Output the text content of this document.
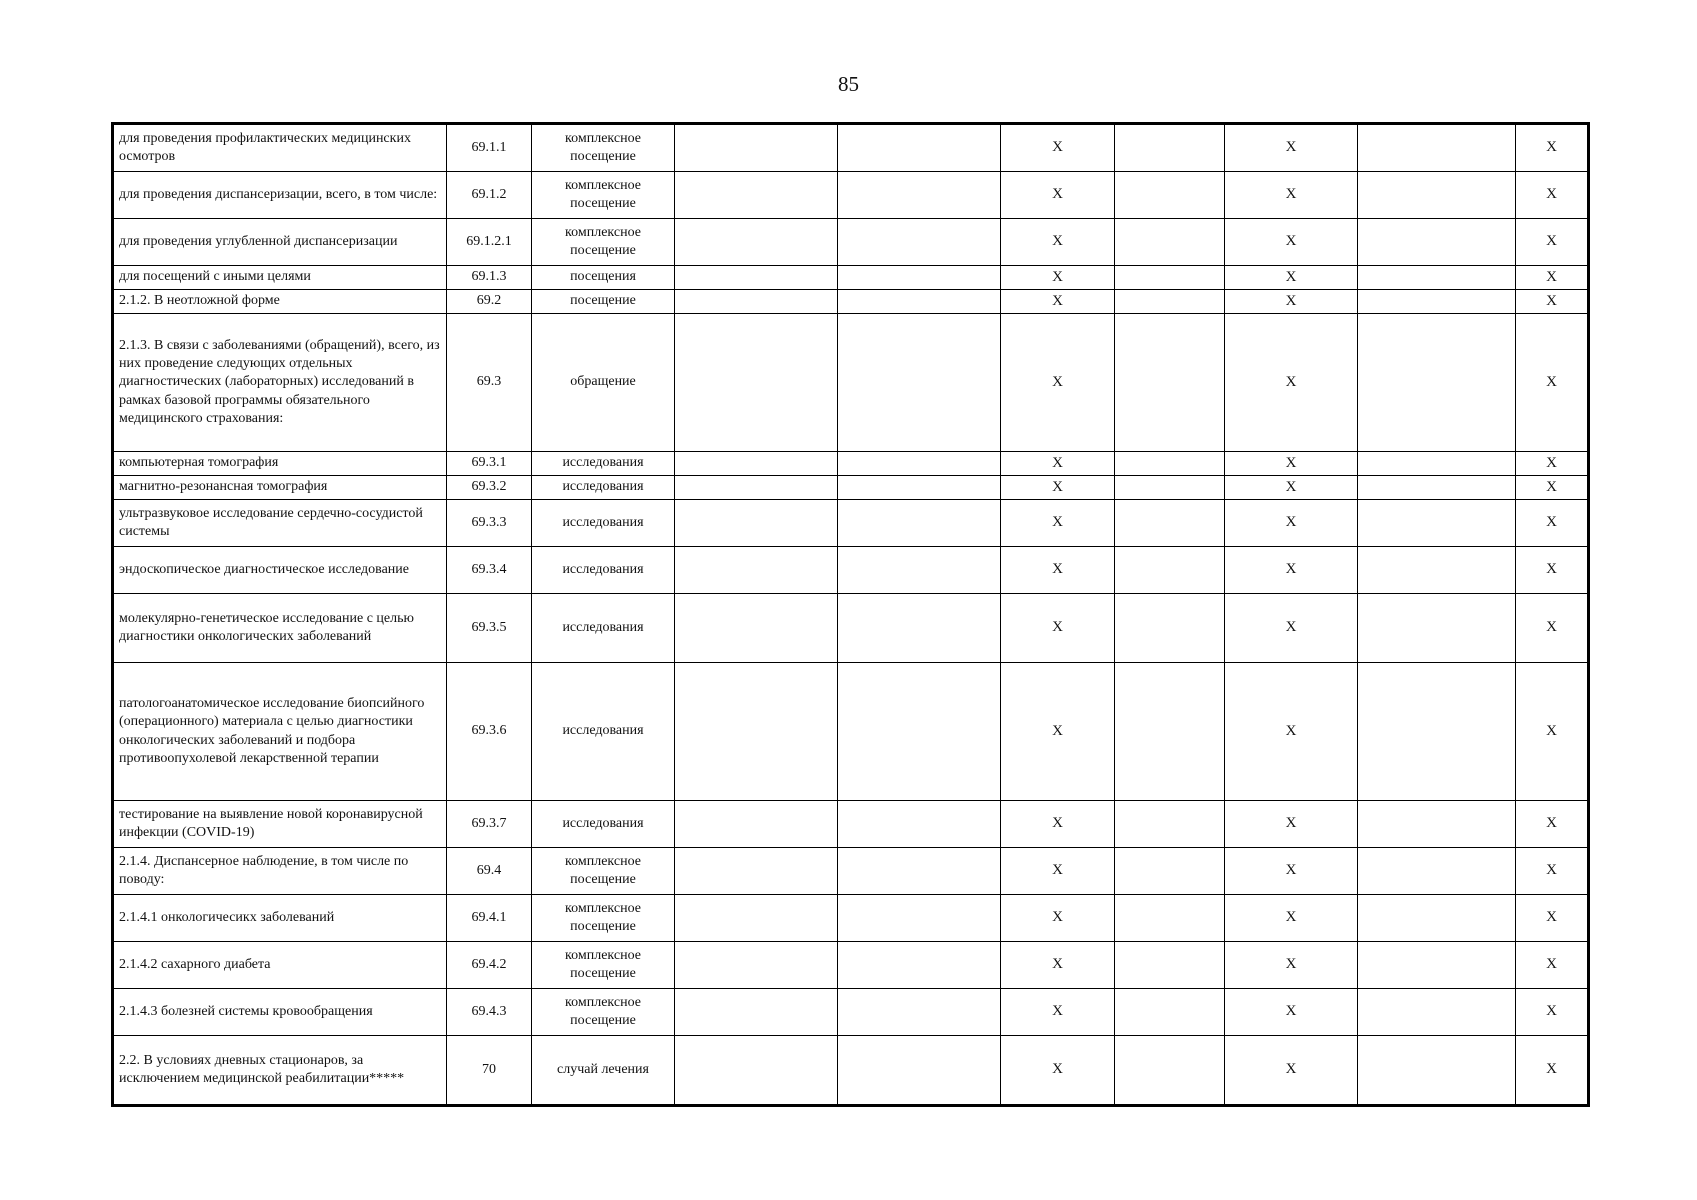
85
для проведения профилактических медицинских осмотров	69.1.1	комплексное посещение			X		X		X
для проведения диспансеризации, всего, в том числе:	69.1.2	комплексное посещение			X		X		X
для проведения углубленной диспансеризации	69.1.2.1	комплексное посещение			X		X		X
для посещений с иными целями	69.1.3	посещения			X		X		X
2.1.2. В неотложной форме	69.2	посещение			X		X		X
2.1.3. В связи с заболеваниями (обращений), всего, из них проведение следующих отдельных диагностических (лабораторных) исследований в рамках базовой программы обязательного медицинского страхования:	69.3	обращение			X		X		X
компьютерная томография	69.3.1	исследования			X		X		X
магнитно-резонансная томография	69.3.2	исследования			X		X		X
ультразвуковое исследование сердечно-сосудистой системы	69.3.3	исследования			X		X		X
эндоскопическое диагностическое исследование	69.3.4	исследования			X		X		X
молекулярно-генетическое исследование с целью диагностики онкологических заболеваний	69.3.5	исследования			X		X		X
патологоанатомическое исследование биопсийного (операционного) материала с целью диагностики онкологических заболеваний и подбора противоопухолевой лекарственной терапии	69.3.6	исследования			X		X		X
тестирование на выявление новой коронавирусной инфекции (COVID-19)	69.3.7	исследования			X		X		X
2.1.4. Диспансерное наблюдение, в том числе по поводу:	69.4	комплексное посещение			X		X		X
2.1.4.1 онкологичесикх заболеваний	69.4.1	комплексное посещение			X		X		X
2.1.4.2 сахарного диабета	69.4.2	комплексное посещение			X		X		X
2.1.4.3 болезней системы кровообращения	69.4.3	комплексное посещение			X		X		X
2.2. В условиях дневных стационаров, за исключением медицинской реабилитации*****	70	случай лечения			X		X		X
